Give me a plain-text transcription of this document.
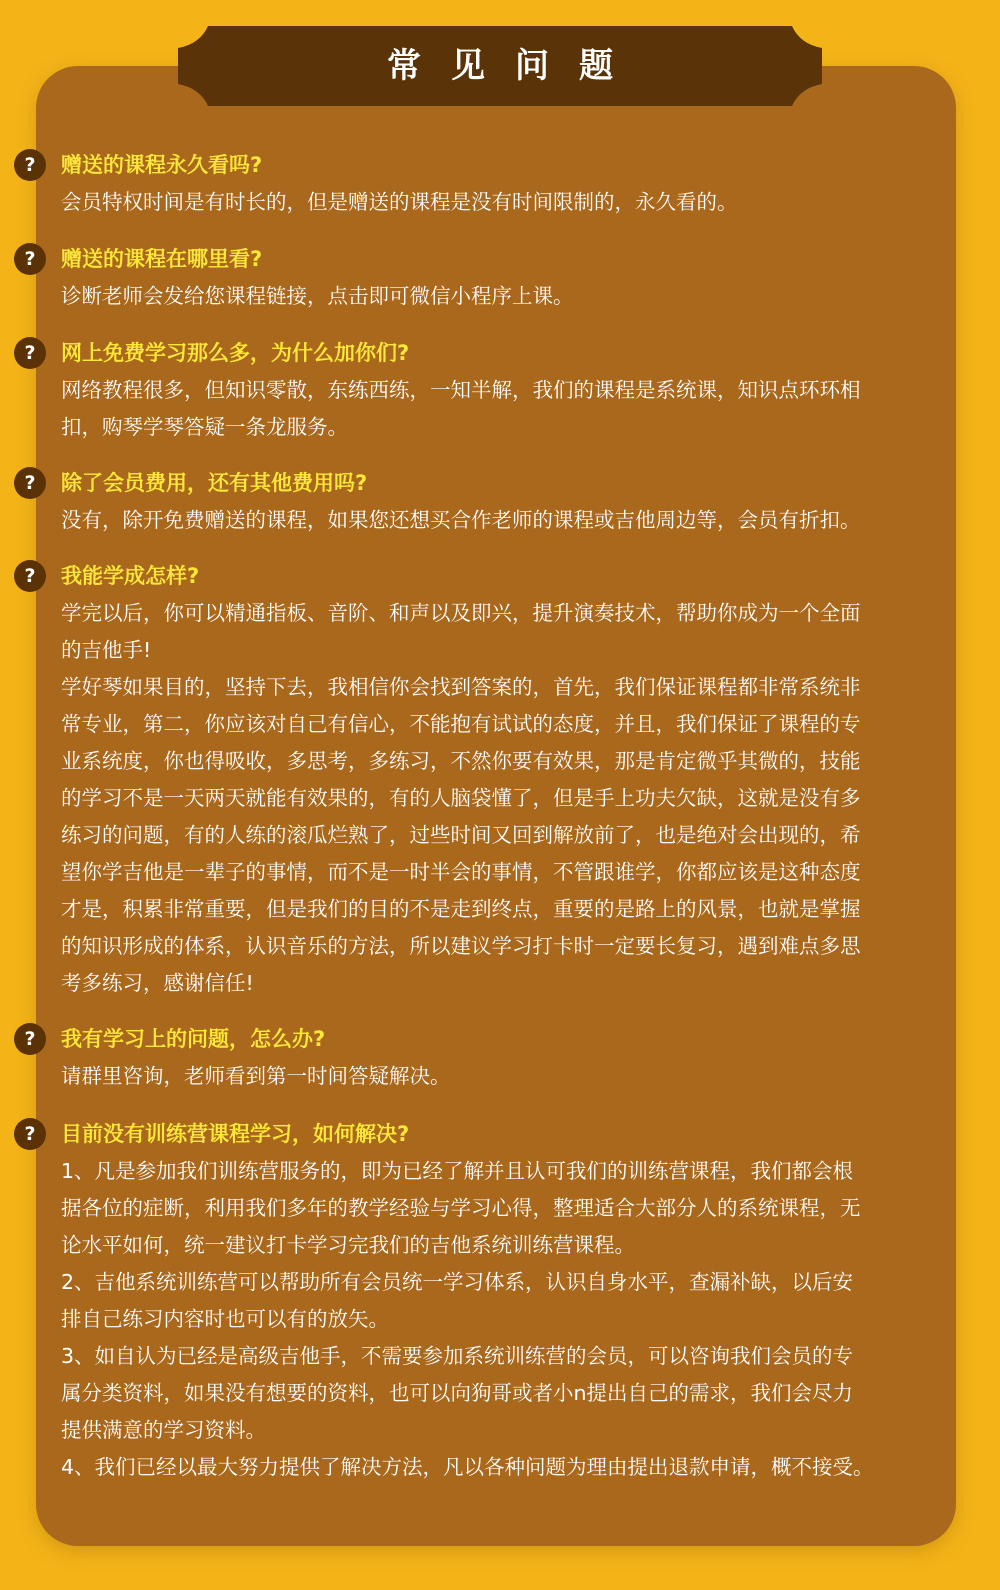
常见问题
?	赠送的课程永久看吗?

会员特权时间是有时长的，但是赠送的课程是没有时间限制的，永久看的。

?	赠送的课程在哪里看?

诊断老师会发给您课程链接，点击即可微信小程序上课。

?	网上免费学习那么多，为什么加你们?

网络教程很多，但知识零散，东练西练，一知半解，我们的课程是系统课，知识点环环相

扣，购琴学琴答疑一条龙服务。

?	除了会员费用，还有其他费用吗?

没有，除开免费赠送的课程，如果您还想买合作老师的课程或吉他周边等，会员有折扣。

?	我能学成怎样?

学完以后，你可以精通指板、音阶、和声以及即兴，提升演奏技术，帮助你成为一个全面

的吉他手!

学好琴如果目的，坚持下去，我相信你会找到答案的，首先，我们保证课程都非常系统非

常专业，第二，你应该对自己有信心，不能抱有试试的态度，并且，我们保证了课程的专

业系统度，你也得吸收，多思考，多练习，不然你要有效果，那是肯定微乎其微的，技能

的学习不是一天两天就能有效果的，有的人脑袋懂了，但是手上功夫欠缺，这就是没有多

练习的问题，有的人练的滚瓜烂熟了，过些时间又回到解放前了，也是绝对会出现的，希

望你学吉他是一辈子的事情，而不是一时半会的事情，不管跟谁学，你都应该是这种态度

才是，积累非常重要，但是我们的目的不是走到终点，重要的是路上的风景，也就是掌握

的知识形成的体系，认识音乐的方法，所以建议学习打卡时一定要长复习，遇到难点多思

考多练习，感谢信任!

?	我有学习上的问题，怎么办?

请群里咨询，老师看到第一时间答疑解决。

?	目前没有训练营课程学习，如何解决?

1、凡是参加我们训练营服务的，即为已经了解并且认可我们的训练营课程，我们都会根

据各位的症断，利用我们多年的教学经验与学习心得，整理适合大部分人的系统课程，无

论水平如何，统一建议打卡学习完我们的吉他系统训练营课程。

2、吉他系统训练营可以帮助所有会员统一学习体系，认识自身水平，查漏补缺，以后安

排自己练习内容时也可以有的放矢。

3、如自认为已经是高级吉他手，不需要参加系统训练营的会员，可以咨询我们会员的专

属分类资料，如果没有想要的资料，也可以向狗哥或者小n提出自己的需求，我们会尽力

提供满意的学习资料。

4、我们已经以最大努力提供了解决方法，凡以各种问题为理由提出退款申请，概不接受。
